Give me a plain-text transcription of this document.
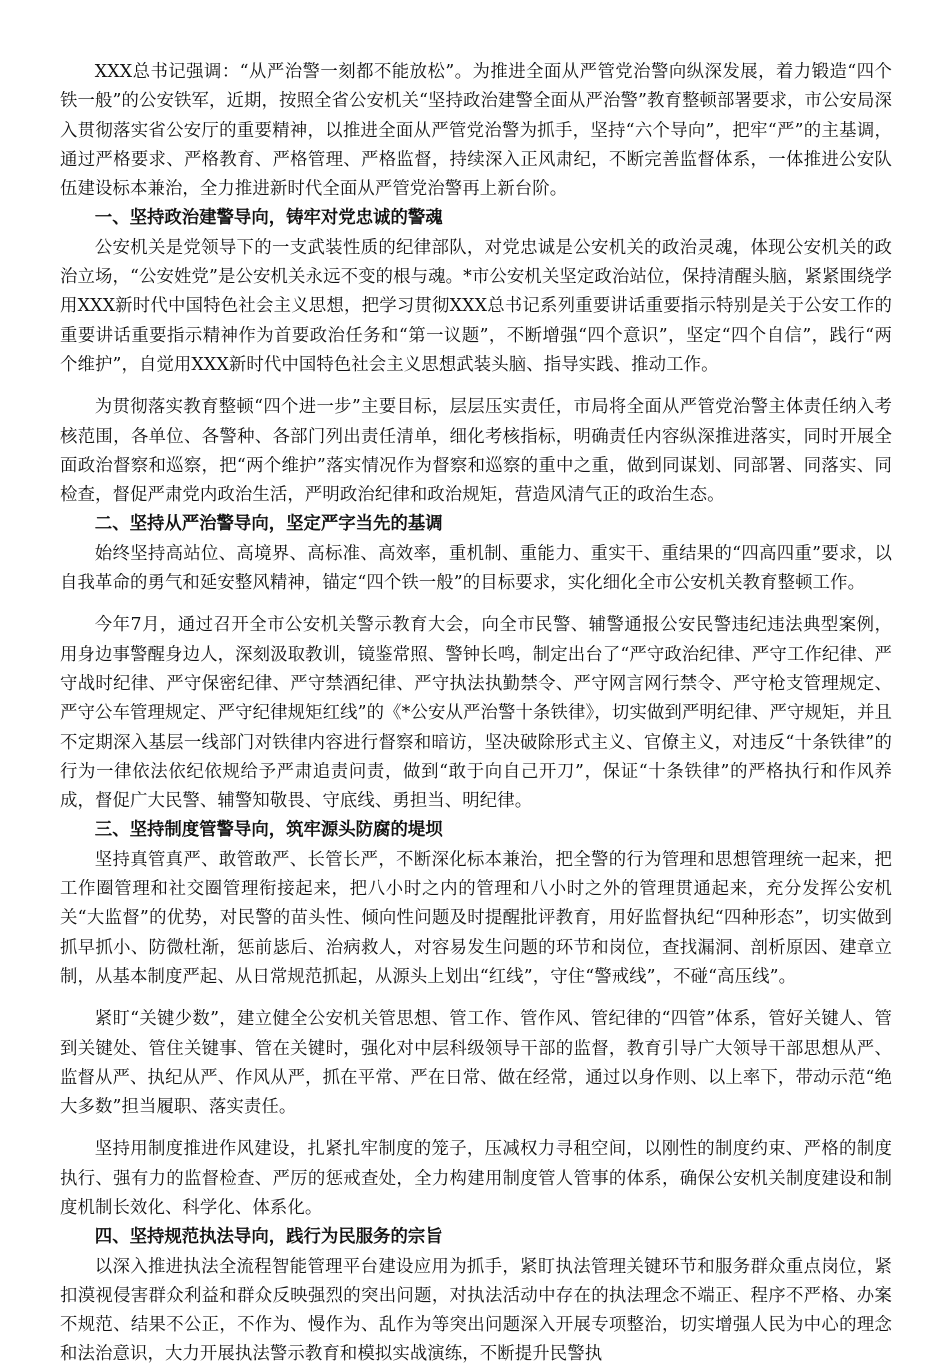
XXX总书记强调：“从严治警一刻都不能放松”。为推进全面从严管党治警向纵深发展，着力锻造“四个铁一般”的公安铁军，近期，按照全省公安机关“坚持政治建警全面从严治警”教育整顿部署要求，市公安局深入贯彻落实省公安厅的重要精神，以推进全面从严管党治警为抓手，坚持“六个导向”，把牢“严”的主基调，通过严格要求、严格教育、严格管理、严格监督，持续深入正风肃纪，不断完善监督体系，一体推进公安队伍建设标本兼治，全力推进新时代全面从严管党治警再上新台阶。

一、坚持政治建警导向，铸牢对党忠诚的警魂

公安机关是党领导下的一支武装性质的纪律部队，对党忠诚是公安机关的政治灵魂，体现公安机关的政治立场，“公安姓党”是公安机关永远不变的根与魂。*市公安机关坚定政治站位，保持清醒头脑，紧紧围绕学用XXX新时代中国特色社会主义思想，把学习贯彻XXX总书记系列重要讲话重要指示特别是关于公安工作的重要讲话重要指示精神作为首要政治任务和“第一议题”，不断增强“四个意识”，坚定“四个自信”，践行“两个维护”，自觉用XXX新时代中国特色社会主义思想武装头脑、指导实践、推动工作。

为贯彻落实教育整顿“四个进一步”主要目标，层层压实责任，市局将全面从严管党治警主体责任纳入考核范围，各单位、各警种、各部门列出责任清单，细化考核指标，明确责任内容纵深推进落实，同时开展全面政治督察和巡察，把“两个维护”落实情况作为督察和巡察的重中之重，做到同谋划、同部署、同落实、同检查，督促严肃党内政治生活，严明政治纪律和政治规矩，营造风清气正的政治生态。

二、坚持从严治警导向，坚定严字当先的基调

始终坚持高站位、高境界、高标准、高效率，重机制、重能力、重实干、重结果的“四高四重”要求，以自我革命的勇气和延安整风精神，锚定“四个铁一般”的目标要求，实化细化全市公安机关教育整顿工作。

今年7月，通过召开全市公安机关警示教育大会，向全市民警、辅警通报公安民警违纪违法典型案例，用身边事警醒身边人，深刻汲取教训，镜鉴常照、警钟长鸣，制定出台了“严守政治纪律、严守工作纪律、严守战时纪律、严守保密纪律、严守禁酒纪律、严守执法执勤禁令、严守网言网行禁令、严守枪支管理规定、严守公车管理规定、严守纪律规矩红线”的《*公安从严治警十条铁律》，切实做到严明纪律、严守规矩，并且不定期深入基层一线部门对铁律内容进行督察和暗访，坚决破除形式主义、官僚主义，对违反“十条铁律”的行为一律依法依纪依规给予严肃追责问责，做到“敢于向自己开刀”，保证“十条铁律”的严格执行和作风养成，督促广大民警、辅警知敬畏、守底线、勇担当、明纪律。

三、坚持制度管警导向，筑牢源头防腐的堤坝

坚持真管真严、敢管敢严、长管长严，不断深化标本兼治，把全警的行为管理和思想管理统一起来，把工作圈管理和社交圈管理衔接起来，把八小时之内的管理和八小时之外的管理贯通起来，充分发挥公安机关“大监督”的优势，对民警的苗头性、倾向性问题及时提醒批评教育，用好监督执纪“四种形态”，切实做到抓早抓小、防微杜渐，惩前毖后、治病救人，对容易发生问题的环节和岗位，查找漏洞、剖析原因、建章立制，从基本制度严起、从日常规范抓起，从源头上划出“红线”，守住“警戒线”，不碰“高压线”。

紧盯“关键少数”，建立健全公安机关管思想、管工作、管作风、管纪律的“四管”体系，管好关键人、管到关键处、管住关键事、管在关键时，强化对中层科级领导干部的监督，教育引导广大领导干部思想从严、监督从严、执纪从严、作风从严，抓在平常、严在日常、做在经常，通过以身作则、以上率下，带动示范“绝大多数”担当履职、落实责任。

坚持用制度推进作风建设，扎紧扎牢制度的笼子，压减权力寻租空间，以刚性的制度约束、严格的制度执行、强有力的监督检查、严厉的惩戒查处，全力构建用制度管人管事的体系，确保公安机关制度建设和制度机制长效化、科学化、体系化。

四、坚持规范执法导向，践行为民服务的宗旨

以深入推进执法全流程智能管理平台建设应用为抓手，紧盯执法管理关键环节和服务群众重点岗位，紧扣漠视侵害群众利益和群众反映强烈的突出问题，对执法活动中存在的执法理念不端正、程序不严格、办案不规范、结果不公正，不作为、慢作为、乱作为等突出问题深入开展专项整治，切实增强人民为中心的理念和法治意识，大力开展执法警示教育和模拟实战演练，不断提升民警执
